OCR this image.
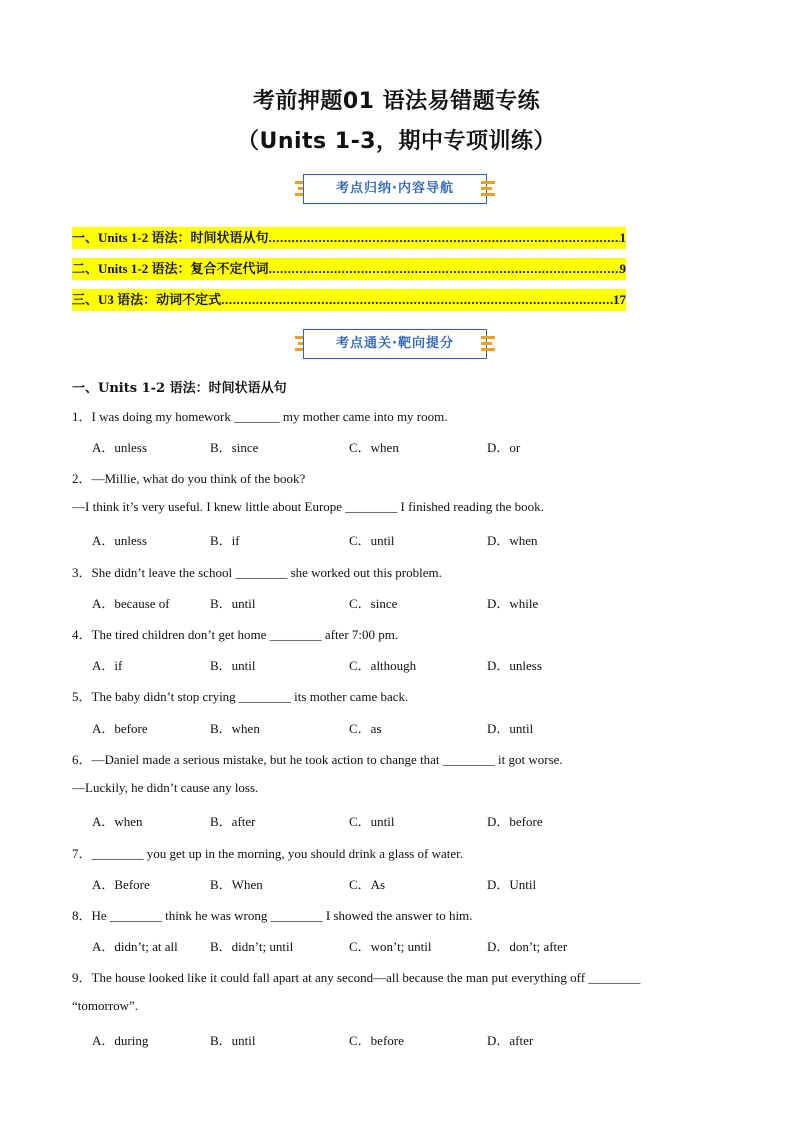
考前押题01 语法易错题专练
（Units 1-3，期中专项训练）
考点归纳·内容导航
一、Units 1-2 语法：时间状语从句 .....	1
二、Units 1-2 语法：复合不定代词 .....	9
三、U3 语法：动词不定式 .....	17
考点通关·靶向提分
一、Units 1-2 语法：时间状语从句
1．I was doing my homework _______ my mother came into my room.
A．unless	B．since	C．when	D．or
2．—Millie, what do you think of the book?
—I think it’s very useful. I knew little about Europe ________ I finished reading the book.
A．unless	B．if	C．until	D．when
3．She didn’t leave the school ________ she worked out this problem.
A．because of	B．until	C．since	D．while
4．The tired children don’t get home ________ after 7:00 pm.
A．if	B．until	C．although	D．unless
5．The baby didn’t stop crying ________ its mother came back.
A．before	B．when	C．as	D．until
6．—Daniel made a serious mistake, but he took action to change that ________ it got worse.
—Luckily, he didn’t cause any loss.
A．when	B．after	C．until	D．before
7．________ you get up in the morning, you should drink a glass of water.
A．Before	B．When	C．As	D．Until
8．He ________ think he was wrong ________ I showed the answer to him.
A．didn’t; at all B．didn’t; until	C．won’t; until	D．don’t; after
9．The house looked like it could fall apart at any second—all because the man put everything off ________
“tomorrow”.
A．during	B．until	C．before	D．after
